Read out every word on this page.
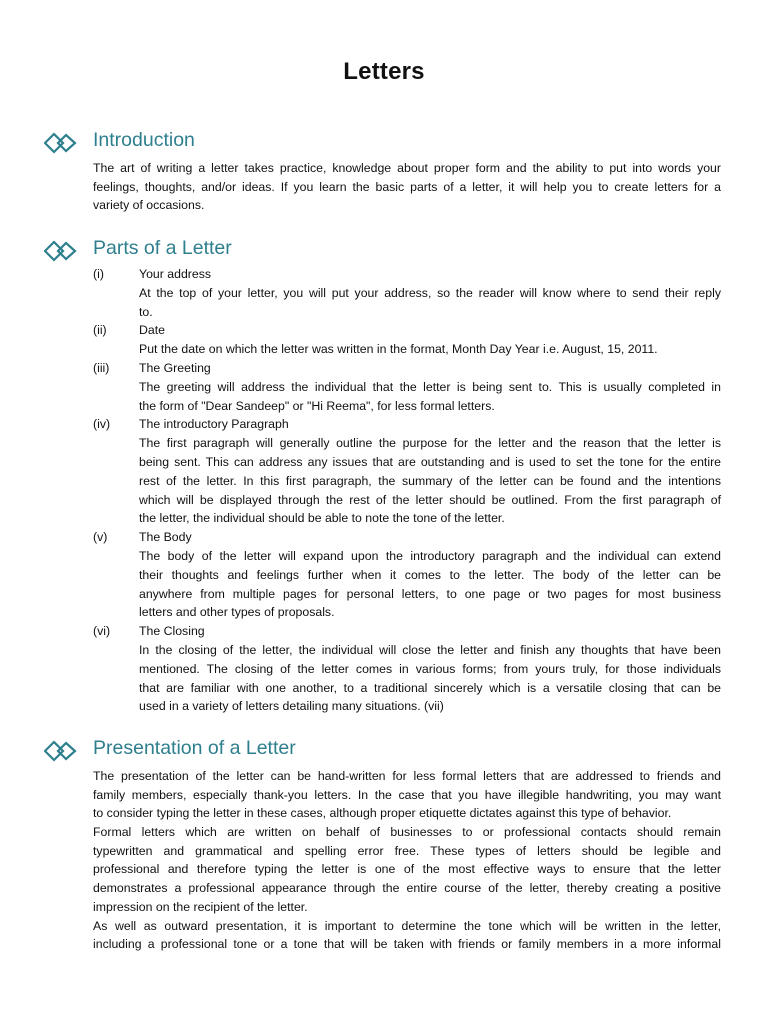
Letters
Introduction
The art of writing a letter takes practice, knowledge about proper form and the ability to put into words your
feelings, thoughts, and/or ideas. If you learn the basic parts of a letter, it will help you to create letters for a
variety of occasions.
Parts of a Letter
(i)	Your address
At the top of your letter, you will put your address, so the reader will know where to send their reply
to.
(ii)	Date
Put the date on which the letter was written in the format, Month Day Year i.e. August, 15, 2011.
(iii) The Greeting
The greeting will address the individual that the letter is being sent to. This is usually completed in
the form of "Dear Sandeep" or "Hi Reema", for less formal letters.
(iv) The introductory Paragraph
The first paragraph will generally outline the purpose for the letter and the reason that the letter is
being sent. This can address any issues that are outstanding and is used to set the tone for the entire
rest of the letter. In this first paragraph, the summary of the letter can be found and the intentions
which will be displayed through the rest of the letter should be outlined. From the first paragraph of
the letter, the individual should be able to note the tone of the letter.
(v)	The Body
The body of the letter will expand upon the introductory paragraph and the individual can extend
their thoughts and feelings further when it comes to the letter. The body of the letter can be
anywhere from multiple pages for personal letters, to one page or two pages for most business
letters and other types of proposals.
(vi) The Closing
In the closing of the letter, the individual will close the letter and finish any thoughts that have been
mentioned. The closing of the letter comes in various forms; from yours truly, for those individuals
that are familiar with one another, to a traditional sincerely which is a versatile closing that can be
used in a variety of letters detailing many situations. (vii)
Presentation of a Letter
The presentation of the letter can be hand-written for less formal letters that are addressed to friends and
family members, especially thank-you letters. In the case that you have illegible handwriting, you may want
to consider typing the letter in these cases, although proper etiquette dictates against this type of behavior.
Formal letters which are written on behalf of businesses to or professional contacts should remain
typewritten and grammatical and spelling error free. These types of letters should be legible and
professional and therefore typing the letter is one of the most effective ways to ensure that the letter
demonstrates a professional appearance through the entire course of the letter, thereby creating a positive
impression on the recipient of the letter.
As well as outward presentation, it is important to determine the tone which will be written in the letter,
including a professional tone or a tone that will be taken with friends or family members in a more informal
